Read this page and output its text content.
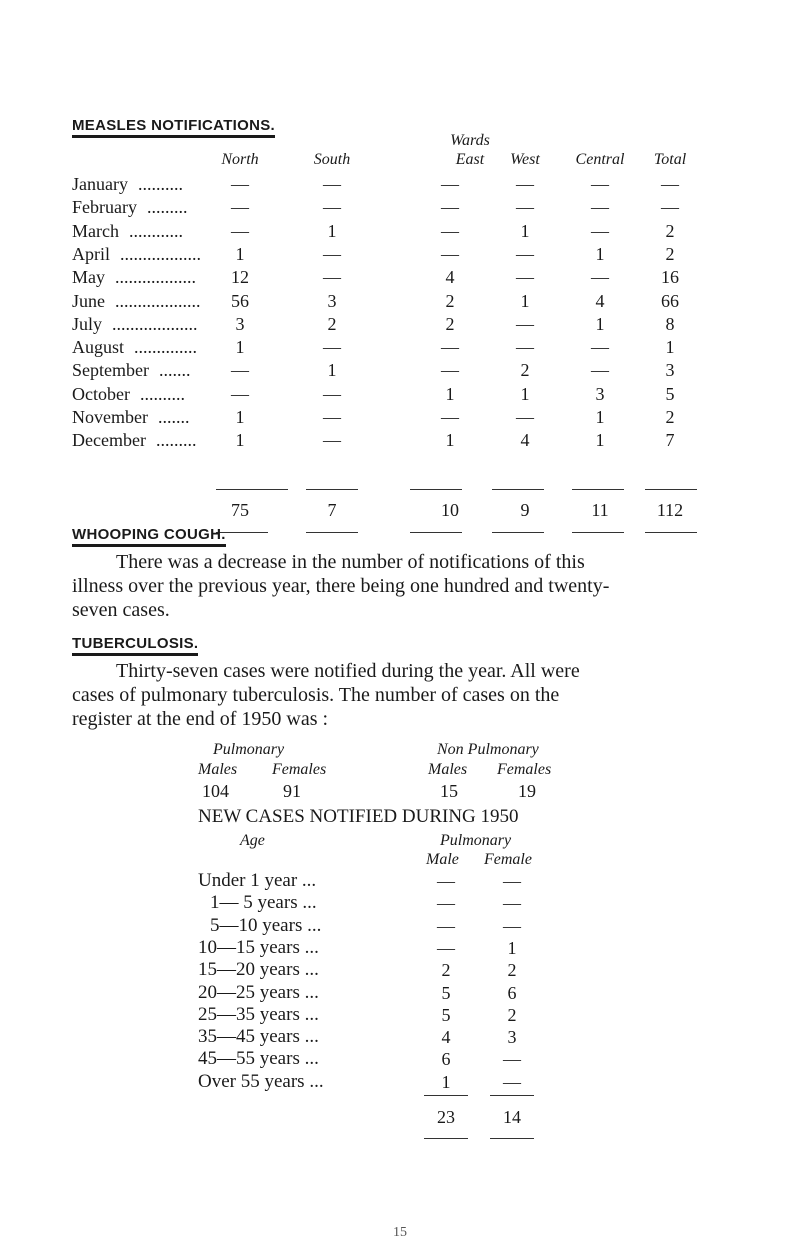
MEASLES NOTIFICATIONS.
Wards
North	South	East	West	Central	Total
January ..........	—	—	—	—	—	—
February .........	—	—	—	—	—	—
March ............	—	1	—	1	—	2
April ..................	1	—	—	—	1	2
May ..................	12	—	4	—	—	16
June ...................	56	3	2	1	4	66
July ...................	3	2	2	—	1	8
August ..............	1	—	—	—	—	1
September .......	—	1	—	2	—	3
October ..........	—	—	1	1	3	5
November .......	1	—	—	—	1	2
December .........	1	—	1	4	1	7
75	7	10	9	11	112
WHOOPING COUGH.
There was a decrease in the number of notifications of this
illness over the previous year, there being one hundred and twenty-
seven cases.
TUBERCULOSIS.
Thirty-seven cases were notified during the year. All were
cases of pulmonary tuberculosis. The number of cases on the
register at the end of 1950 was :
Pulmonary	Non Pulmonary
Males Females	Males Females
104	91	15	19
NEW CASES NOTIFIED DURING 1950
Age	Pulmonary
Male Female
Under 1 year ...	—	—
1— 5 years ...	—	—
5—10 years ...	—	—
10—15 years ...	—	1
15—20 years ...	2	2
20—25 years ...	5	6
25—35 years ...	5	2
35—45 years ...	4	3
45—55 years ...	6	—
Over 55 years ...	1	—
23	14
15
